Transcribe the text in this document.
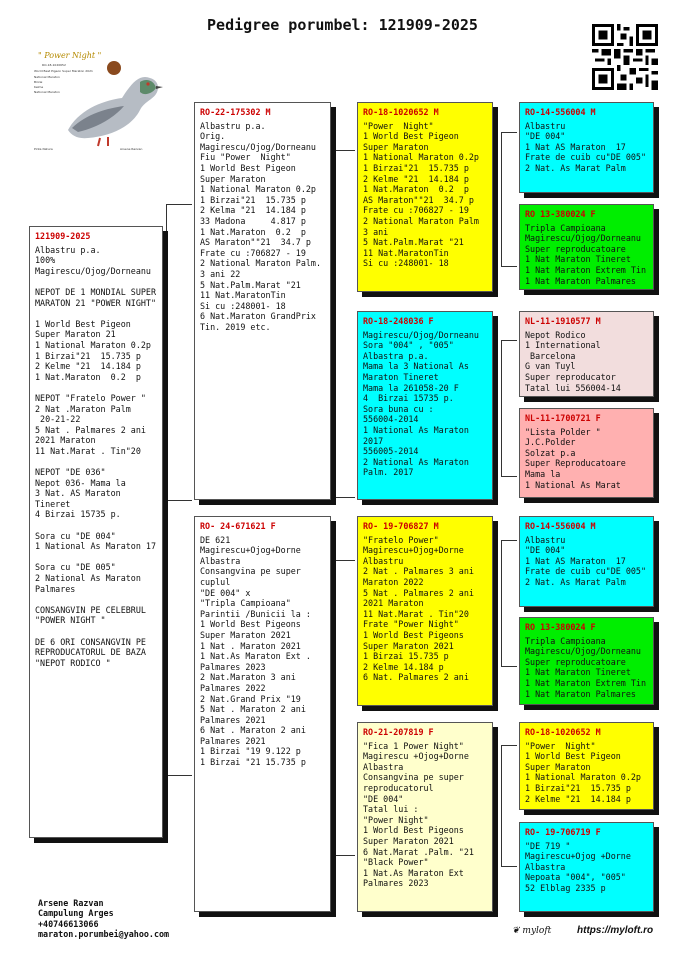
Pedigree porumbel: 121909-2025
" Power Night "
RO-18-1020652
World Best Pigeon Super Maraton 2021
National Maraton
Birzai
Kelme
National Maraton
Pinta Natura	Arsene Razvan
121909-2025
Albastru p.a.
100%
Magirescu/Ojog/Dorneanu

NEPOT DE 1 MONDIAL SUPER MARATON 21 "POWER NIGHT"

1 World Best Pigeon Super Maraton 21
1 National Maraton 0.2p
1 Birzai"21  15.735 p
2 Kelme "21  14.184 p
1 Nat.Maraton  0.2  p

NEPOT "Fratelo Power "
2 Nat .Maraton Palm
20-21-22
5 Nat . Palmares 2 ani 2021 Maraton
11 Nat.Marat . Tin"20

NEPOT "DE 036"
Nepot 036- Mama la
3 Nat. AS Maraton Tineret
4 Birzai 15735 p.

Sora cu "DE 004"
1 National As Maraton 17

Sora cu "DE 005"
2 National As Maraton Palmares

CONSANGVIN PE CELEBRUL "POWER NIGHT "

DE 6 ORI CONSANGVIN PE REPRODUCATORUL DE BAZA "NEPOT RODICO "
RO-22-175302 M
Albastru p.a.
Orig. Magirescu/Ojog/Dorneanu
Fiu "Power  Night"
1 World Best Pigeon Super Maraton
1 National Maraton 0.2p
1 Birzai"21  15.735 p
2 Kelma "21  14.184 p
33 Madona     4.817 p
1 Nat.Maraton  0.2  p
AS Maraton""21  34.7 p
Frate cu :706827 - 19
2 National Maraton Palm. 3 ani 22
5 Nat.Palm.Marat "21
11 Nat.MaratonTin
Si cu :248001- 18
6 Nat.Maraton GrandPrix Tin. 2019 etc.
RO- 24-671621 F
DE 621
Magirescu+Ojog+Dorne
Albastra
Consangvina pe super cuplul
"DE 004" x
"Tripla Campioana"
Parintii /Bunicii la :
1 World Best Pigeons Super Maraton 2021
1 Nat . Maraton 2021
1 Nat.As Maraton Ext . Palmares 2023
2 Nat.Maraton 3 ani Palmares 2022
2 Nat.Grand Prix "19
5 Nat . Maraton 2 ani Palmares 2021
6 Nat . Maraton 2 ani Palmares 2021
1 Birzai "19 9.122 p
1 Birzai "21 15.735 p
RO-18-1020652 M
"Power  Night"
1 World Best Pigeon Super Maraton
1 National Maraton 0.2p
1 Birzai"21  15.735 p
2 Kelme "21  14.184 p
1 Nat.Maraton  0.2  p
AS Maraton""21  34.7 p
Frate cu :706827 - 19
2 National Maraton Palm 3 ani
5 Nat.Palm.Marat "21
11 Nat.MaratonTin
Si cu :248001- 18
RO-18-248036 F
Magirescu/Ojog/Dorneanu
Sora "004" , "005"
Albastra p.a.
Mama la 3 National As Maraton Tineret
Mama la 261058-20 F
4  Birzai 15735 p.
Sora buna cu :
556004-2014
1 National As Maraton 2017
556005-2014
2 National As Maraton Palm. 2017
RO- 19-706827 M
"Fratelo Power"
Magirescu+Ojog+Dorne
Albastru
2 Nat . Palmares 3 ani Maraton 2022
5 Nat . Palmares 2 ani 2021 Maraton
11 Nat.Marat . Tin"20
Frate "Power Night"
1 World Best Pigeons Super Maraton 2021
1 Birzai 15.735 p
2 Kelme 14.184 p
6 Nat. Palmares 2 ani
RO-21-207819 F
"Fica 1 Power Night"
Magirescu +Ojog+Dorne
Albastra
Consangvina pe super reproducatorul
"DE 004"
Tatal lui :
"Power Night"
1 World Best Pigeons Super Maraton 2021
6 Nat.Marat .Palm. "21
"Black Power"
1 Nat.As Maraton Ext Palmares 2023
RO-14-556004 M
Albastru
"DE 004"
1 Nat AS Maraton  17
Frate de cuib cu"DE 005"
2 Nat. As Marat Palm
RO 13-380024 F
Tripla Campioana
Magirescu/Ojog/Dorneanu
Super reproducatoare
1 Nat Maraton Tineret
1 Nat Maraton Extrem Tin
1 Nat Maraton Palmares
NL-11-1910577 M
Nepot Rodico
1 International
Barcelona
G van Tuyl
Super reproducator
Tatal lui 556004-14
NL-11-1700721 F
"Lista Polder "
J.C.Polder
Solzat p.a
Super Reproducatoare
Mama la
1 National As Marat
RO-14-556004 M
Albastru
"DE 004"
1 Nat AS Maraton  17
Frate de cuib cu"DE 005"
2 Nat. As Marat Palm
RO 13-380024 F
Tripla Campioana
Magirescu/Ojog/Dorneanu
Super reproducatoare
1 Nat Maraton Tineret
1 Nat Maraton Extrem Tin
1 Nat Maraton Palmares
RO-18-1020652 M
"Power  Night"
1 World Best Pigeon Super Maraton
1 National Maraton 0.2p
1 Birzai"21  15.735 p
2 Kelme "21  14.184 p
RO- 19-706719 F
"DE 719 "
Magirescu+Ojog +Dorne
Albastra
Nepoata "004", "005"
52 Elblag 2335 p
Arsene Razvan
Campulung Arges
+40746613066
maraton.porumbei@yahoo.com	❦ myloft	https://myloft.ro
